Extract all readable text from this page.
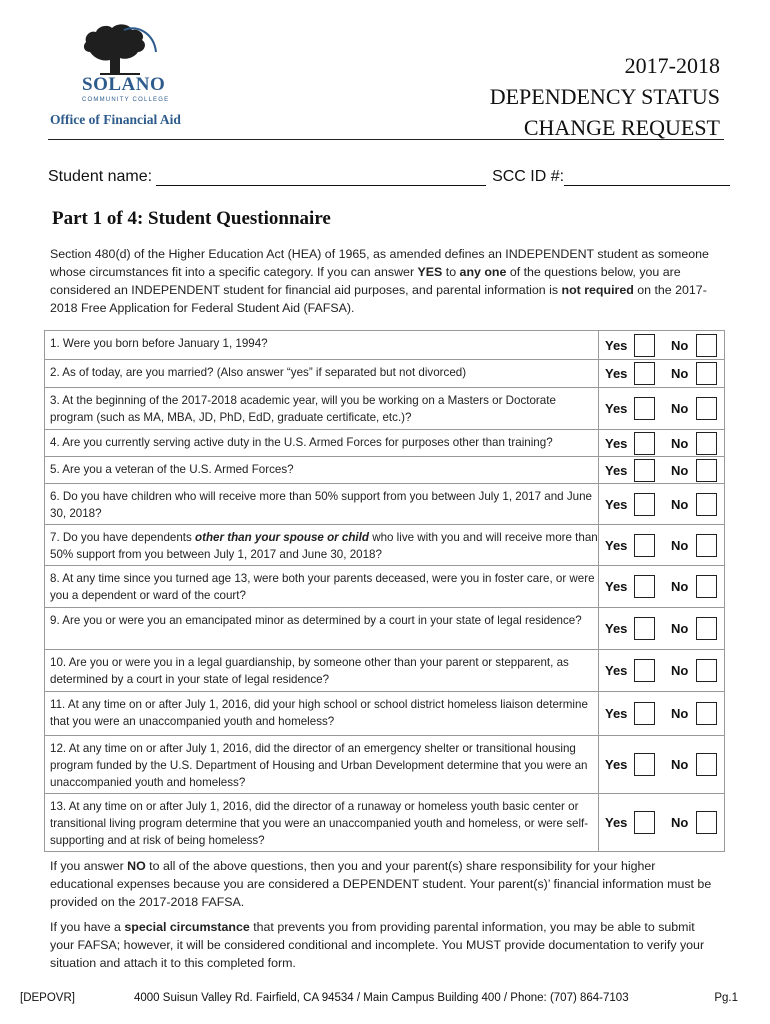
SOLANO
COMMUNITY COLLEGE
Office of Financial Aid
2017-2018
DEPENDENCY STATUS
CHANGE REQUEST
Student name:	SCC ID #:
Part 1 of 4: Student Questionnaire
Section 480(d) of the Higher Education Act (HEA) of 1965, as amended defines an INDEPENDENT student as someone whose circumstances fit into a specific category. If you can answer YES to any one of the questions below, you are considered an INDEPENDENT student for financial aid purposes, and parental information is not required on the 2017-2018 Free Application for Federal Student Aid (FAFSA).
1. Were you born before January 1, 1994?	Yes	No
2. As of today, are you married? (Also answer “yes” if separated but not divorced)	Yes	No
3. At the beginning of the 2017-2018 academic year, will you be working on a Masters or Doctorate program (such as MA, MBA, JD, PhD, EdD, graduate certificate, etc.)?
Yes	No
4. Are you currently serving active duty in the U.S. Armed Forces for purposes other than training?	Yes	No
5. Are you a veteran of the U.S. Armed Forces?	Yes	No
6. Do you have children who will receive more than 50% support from you between July 1, 2017 and June 30, 2018?
Yes	No
7. Do you have dependents other than your spouse or child who live with you and will receive more than 50% support from you between July 1, 2017 and June 30, 2018?
Yes	No
8. At any time since you turned age 13, were both your parents deceased, were you in foster care, or were you a dependent or ward of the court?
Yes	No
9. Are you or were you an emancipated minor as determined by a court in your state of legal residence?
Yes	No
10. Are you or were you in a legal guardianship, by someone other than your parent or stepparent, as determined by a court in your state of legal residence?
Yes	No
11. At any time on or after July 1, 2016, did your high school or school district homeless liaison determine that you were an unaccompanied youth and homeless?
Yes	No
12. At any time on or after July 1, 2016, did the director of an emergency shelter or transitional housing program funded by the U.S. Department of Housing and Urban Development determine that you were an unaccompanied youth and homeless?
Yes	No
13. At any time on or after July 1, 2016, did the director of a runaway or homeless youth basic center or transitional living program determine that you were an unaccompanied youth and homeless, or were self-supporting and at risk of being homeless?
Yes	No
If you answer NO to all of the above questions, then you and your parent(s) share responsibility for your higher educational expenses because you are considered a DEPENDENT student. Your parent(s)’ financial information must be provided on the 2017-2018 FAFSA.
If you have a special circumstance that prevents you from providing parental information, you may be able to submit your FAFSA; however, it will be considered conditional and incomplete. You MUST provide documentation to verify your situation and attach it to this completed form.
[DEPOVR]	4000 Suisun Valley Rd. Fairfield, CA 94534 / Main Campus Building 400 / Phone: (707) 864-7103	Pg.1
